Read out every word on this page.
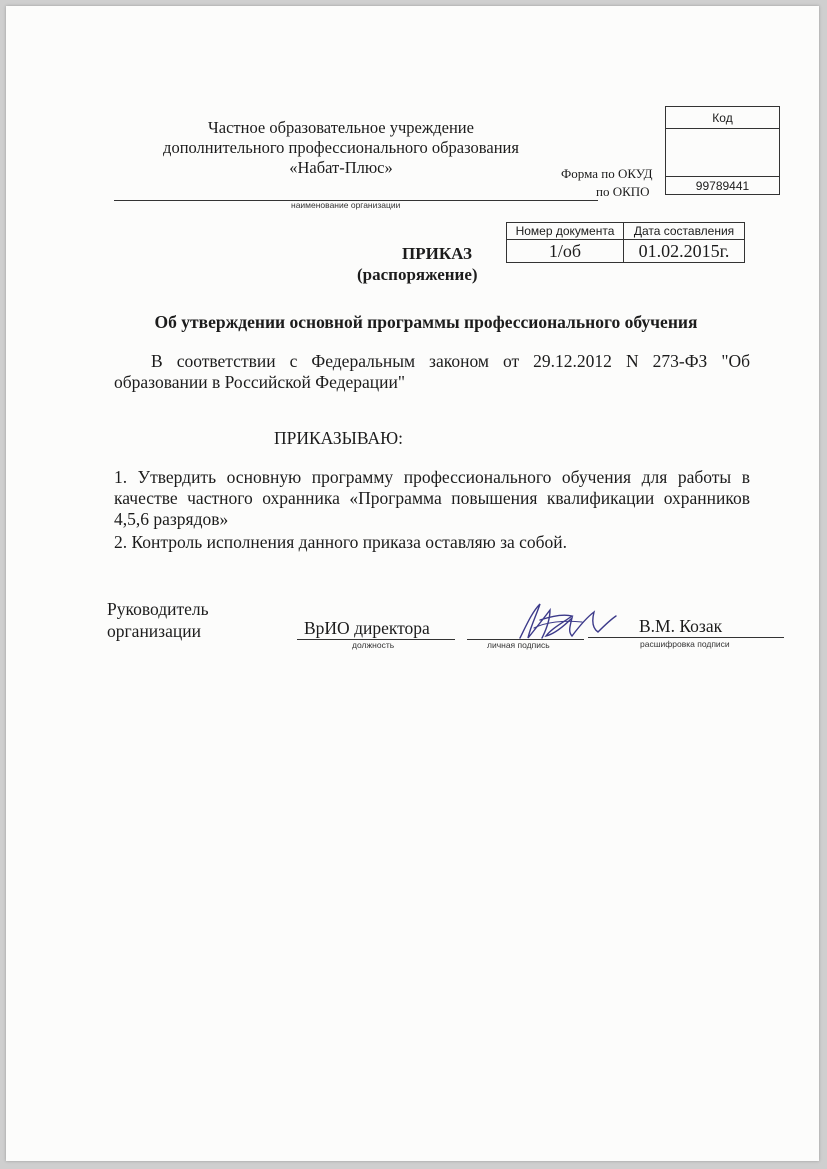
Частное образовательное учреждение
дополнительного профессионального образования
«Набат-Плюс»
наименование организации
Форма по ОКУД
по ОКПО
Код

99789441
Номер документа	Дата составления
1/об	01.02.2015г.
ПРИКАЗ
(распоряжение)
Об утверждении основной программы профессионального обучения
В соответствии с Федеральным законом от 29.12.2012 N 273-ФЗ "Об образовании в Российской Федерации"
ПРИКАЗЫВАЮ:
1. Утвердить основную программу профессионального обучения для работы в качестве частного охранника «Программа повышения квалификации охранников 4,5,6 разрядов»
2. Контроль исполнения данного приказа оставляю за собой.
Руководитель
организации	ВрИО директора
должность	личная подпись
В.М. Козак
расшифровка подписи
